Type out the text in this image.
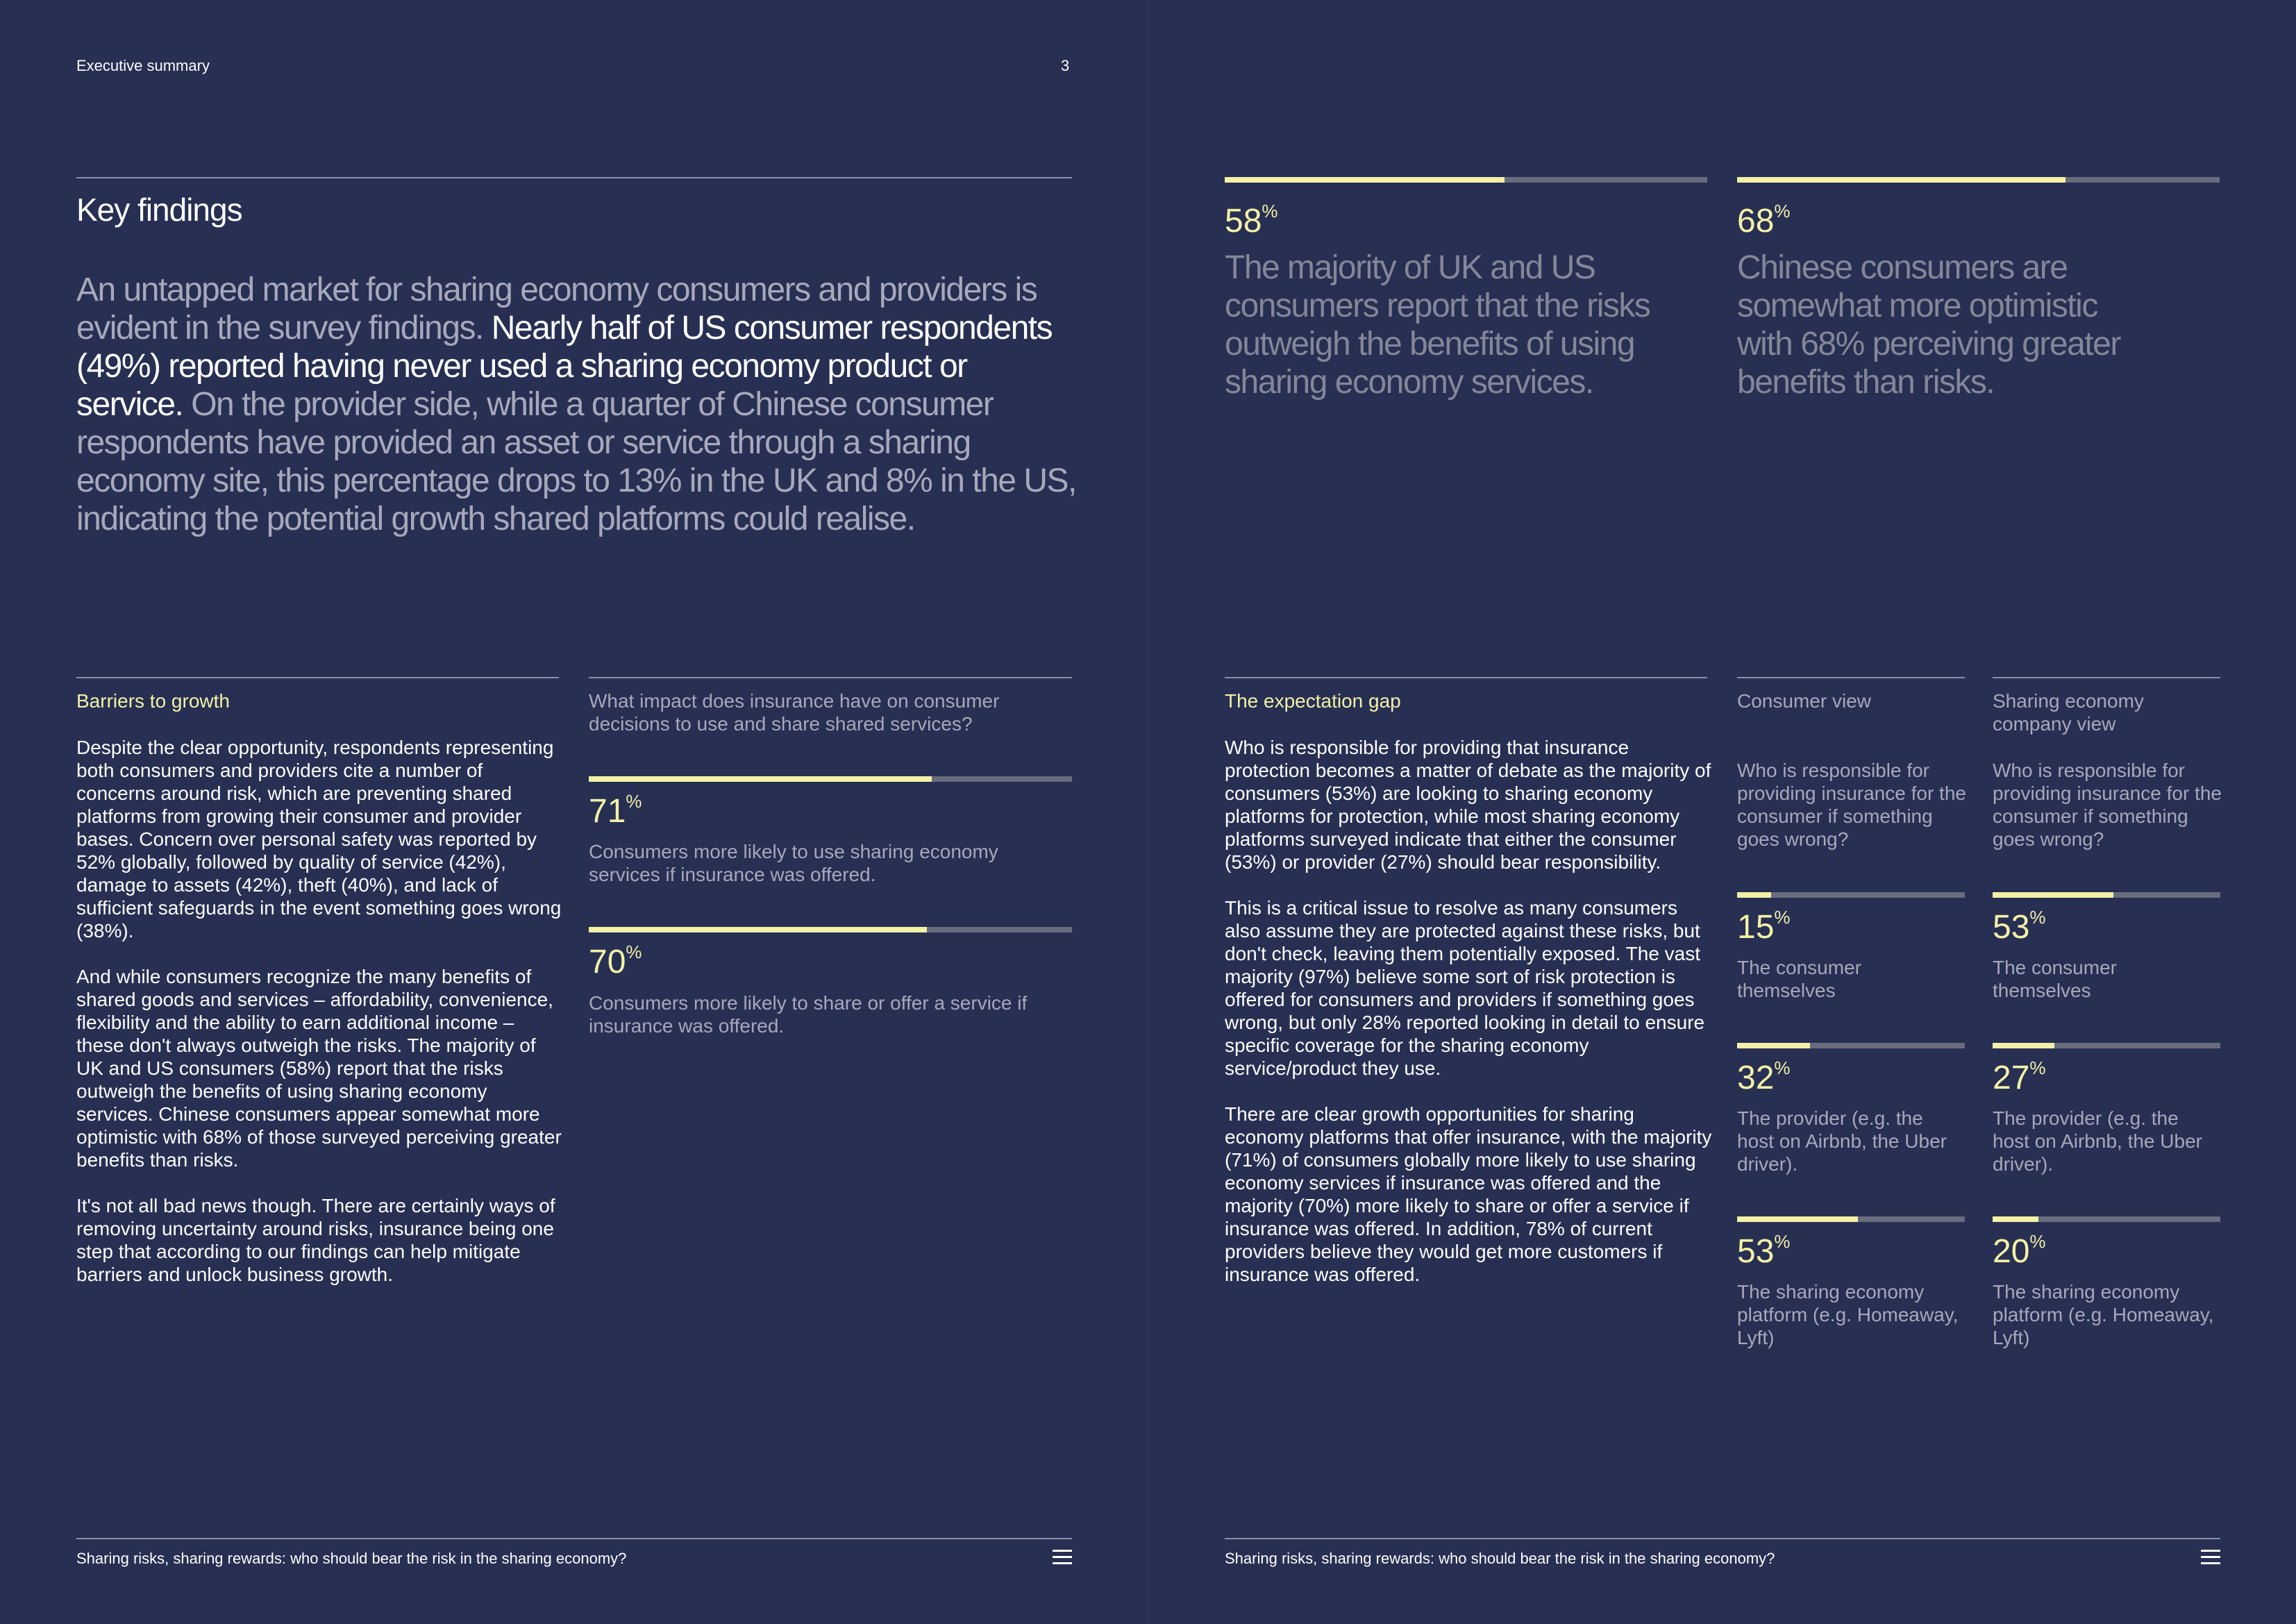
Executive summary	3
Key findings
An untapped market for sharing economy consumers and providers is evident in the survey findings. Nearly half of US consumer respondents (49%) reported having never used a sharing economy product or service. On the provider side, while a quarter of Chinese consumer respondents have provided an asset or service through a sharing economy site, this percentage drops to 13% in the UK and 8% in the US, indicating the potential growth shared platforms could realise.
Barriers to growth

Despite the clear opportunity, respondents representing both consumers and providers cite a number of concerns around risk, which are preventing shared platforms from growing their consumer and provider bases. Concern over personal safety was reported by 52% globally, followed by quality of service (42%), damage to assets (42%), theft (40%), and lack of sufficient safeguards in the event something goes wrong (38%).

And while consumers recognize the many benefits of shared goods and services – affordability, convenience, flexibility and the ability to earn additional income – these don't always outweigh the risks. The majority of UK and US consumers (58%) report that the risks outweigh the benefits of using sharing economy services. Chinese consumers appear somewhat more optimistic with 68% of those surveyed perceiving greater benefits than risks.

It's not all bad news though. There are certainly ways of removing uncertainty around risks, insurance being one step that according to our findings can help mitigate barriers and unlock business growth.

What impact does insurance have on consumer decisions to use and share shared services?
71%
Consumers more likely to use sharing economy services if insurance was offered.
70%
Consumers more likely to share or offer a service if insurance was offered.
Sharing risks, sharing rewards: who should bear the risk in the sharing economy?
58%
The majority of UK and US consumers report that the risks outweigh the benefits of using sharing economy services.
68%
Chinese consumers are somewhat more optimistic with 68% perceiving greater benefits than risks.
The expectation gap

Who is responsible for providing that insurance protection becomes a matter of debate as the majority of consumers (53%) are looking to sharing economy platforms for protection, while most sharing economy platforms surveyed indicate that either the consumer (53%) or provider (27%) should bear responsibility.

This is a critical issue to resolve as many consumers also assume they are protected against these risks, but don't check, leaving them potentially exposed. The vast majority (97%) believe some sort of risk protection is offered for consumers and providers if something goes wrong, but only 28% reported looking in detail to ensure specific coverage for the sharing economy service/product they use.

There are clear growth opportunities for sharing economy platforms that offer insurance, with the majority (71%) of consumers globally more likely to use sharing economy services if insurance was offered and the majority (70%) more likely to share or offer a service if insurance was offered. In addition, 78% of current providers believe they would get more customers if insurance was offered.

Consumer view
Who is responsible for providing insurance for the consumer if something goes wrong?
15%
The consumer themselves
32%
The provider (e.g. the host on Airbnb, the Uber driver).
53%
The sharing economy platform (e.g. Homeaway, Lyft)
Sharing economy company view
Who is responsible for providing insurance for the consumer if something goes wrong?
53%
The consumer themselves
27%
The provider (e.g. the host on Airbnb, the Uber driver).
20%
The sharing economy platform (e.g. Homeaway, Lyft)
Sharing risks, sharing rewards: who should bear the risk in the sharing economy?
